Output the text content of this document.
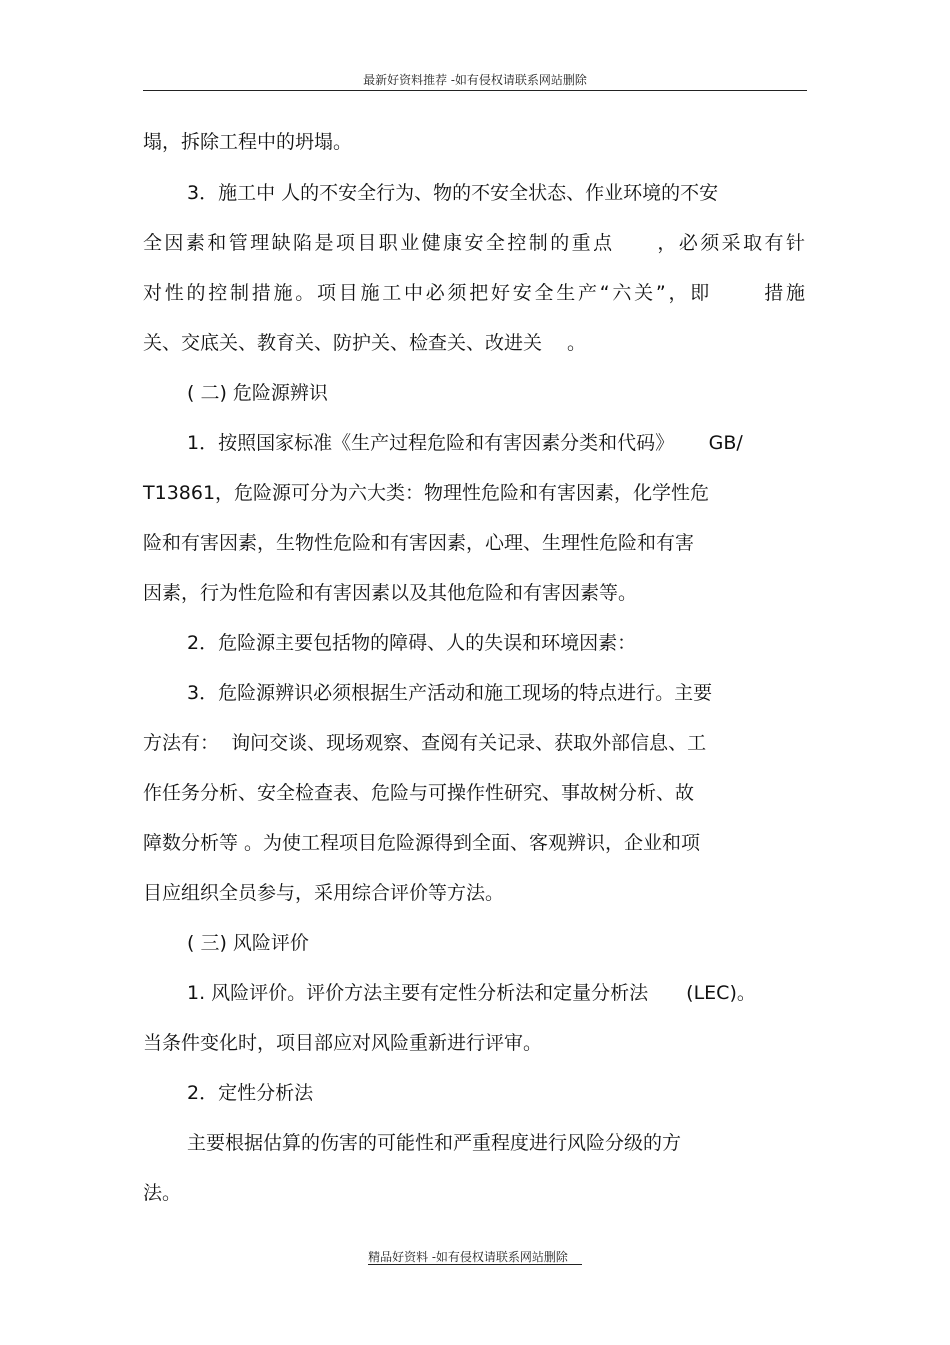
最新好资料推荐 -如有侵权请联系网站删除
塌，拆除工程中的坍塌。
3．施工中 人的不安全行为、物的不安全状态、作业环境的不安
全因素和管理缺陷是项目职业健康安全控制的重点　　，必须采取有针
对性的控制措施。项目施工中必须把好安全生产“六关”，即　　 措施
关、交底关、教育关、防护关、检查关、改进关　 。
( 二) 危险源辨识
1．按照国家标准《生产过程危险和有害因素分类和代码》　　 GB∕
T13861，危险源可分为六大类：物理性危险和有害因素，化学性危
险和有害因素，生物性危险和有害因素，心理、生理性危险和有害
因素，行为性危险和有害因素以及其他危险和有害因素等。
2．危险源主要包括物的障碍、人的失误和环境因素：
3．危险源辨识必须根据生产活动和施工现场的特点进行。主要
方法有：  询问交谈、现场观察、查阅有关记录、获取外部信息、工
作任务分析、安全检查表、危险与可操作性研究、事故树分析、故
障数分析等 。为使工程项目危险源得到全面、客观辨识，企业和项
目应组织全员参与，采用综合评价等方法。
( 三) 风险评价
1. 风险评价。评价方法主要有定性分析法和定量分析法　　(LEC)。
当条件变化时，项目部应对风险重新进行评审。
2．定性分析法
主要根据估算的伤害的可能性和严重程度进行风险分级的方
法。
精品好资料 -如有侵权请联系网站删除
